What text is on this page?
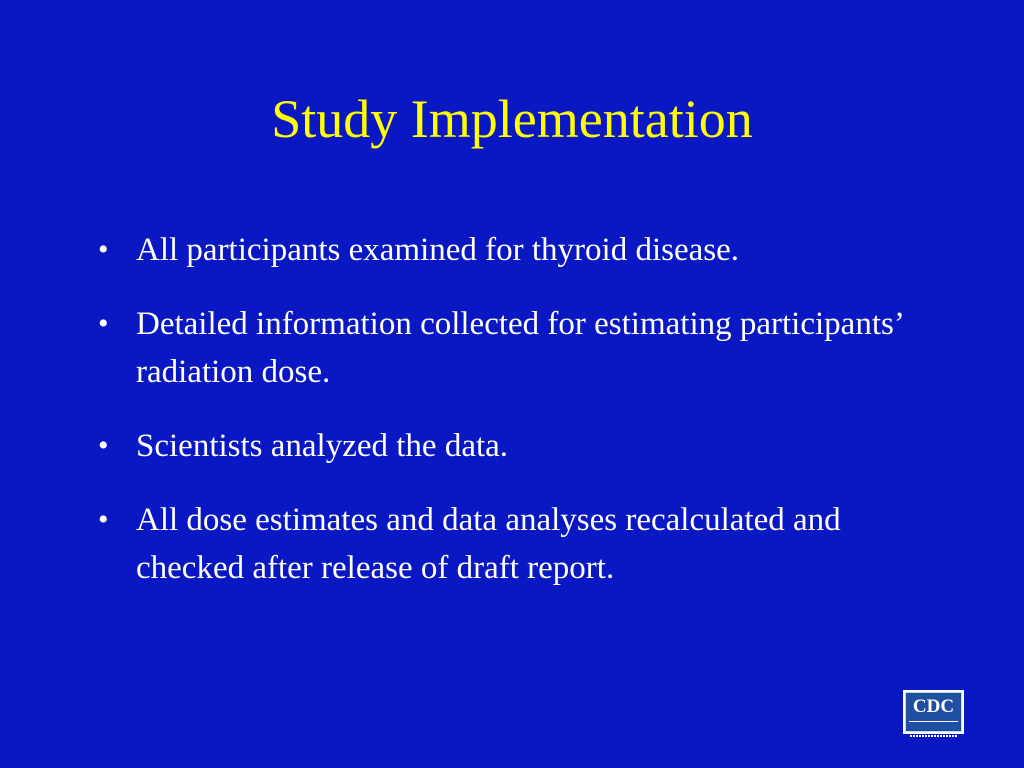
Study Implementation
• All participants examined for thyroid disease.
• Detailed information collected for estimating participants’ radiation dose.
• Scientists analyzed the data.
• All dose estimates and data analyses recalculated and checked after release of draft report.
CDC
